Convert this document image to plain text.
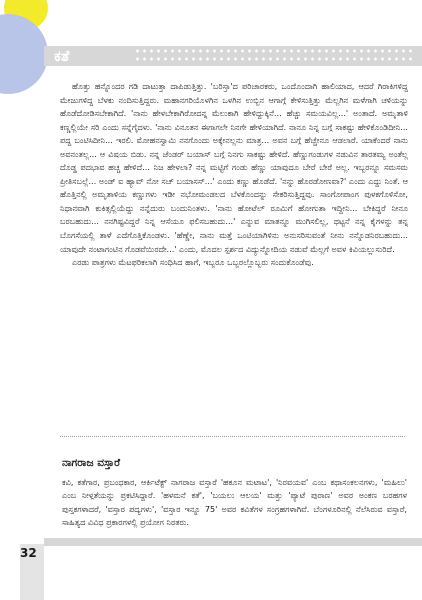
ಕತೆ

ಹೊತ್ತು ಹನ್ನೊಂದರ ಗಡಿ ದಾಟುತ್ತಾ ದಾಪಿಡುತ್ತಿತ್ತು. 'ಬರಿಸ್ತಾ'ದ ಪರಿಚಾರಕರು, ಒಂದೊಂದಾಗಿ ಹಾಲಿಯಾದ, ಆದರೆ ಗಿರಾಕಿಗಳಿದ್ದ ಮೇಜುಗಳಿದ್ದ ಬೆಳಕು ನಂದಿಸುತ್ತಿದ್ದರು. ಮಹಾನಗರಿಯೊಳಗಿನ ಒಳಗಿನ ಉಬ್ಬಿನ ಆಗಾಗ್ಗೆ ಕೇಳಿಸುತ್ತಿತ್ತು ಮೆಲ್ಲಗಿನ ಮಳೆಗಾಗಿ ಚಳಿಯನ್ನು ಹೊಡೆದೋಡಿಸಬೇಕಾಗಿದೆ. 'ನಾನು ಹೇಳಬೇಕಾಗಿರೋದನ್ನ ಮೆಲುಕಾಗಿ ಹೇಳಿದ್ದುಕ್ಕಿನೆ... ಹೆಚ್ಚು ಸಮಯವಿಲ್ಲ...' ಅಂತಾದೆ. ಅಮೃತಾಳಿ ಕಣ್ಣಲ್ಲಿಯೇ ಸರಿ ಎಂದು ಸನ್ನೆಗೈದಳು. 'ನಾನು ವಿನೂತನ ಈಗಾಗಲೇ ನಿನಗೇ ಹೇಳಿಯಾಗಿದೆ. ನಾನೂ ನಿನ್ನ ಬಗ್ಗೆ ಸಾಕಷ್ಟು ಹೇಳಿಕೊಂಡಿದೀನಿ... ಪದ್ದ ಬಂಟಿಸಿದೀನಿ... ಇರಲಿ. ಮೋಹನಸ್ವಾಮಿ ನನಗೊಂದು ಅಕ್ಕೇನಲ್ಲನು ಮಾತ್ರ... ಅವನ ಬಗ್ಗೆ ಹೆಚ್ಚೇನೂ ಆಡಲಾರೆ. ಯಾಕೆಂದರೆ ನಾನು ಅವನಂತಲ್ಲ... ಆ ವಿಷಯ ಬಿಡು. ನನ್ನ ಜೆಂಡರ್ ಬಯಾಸ್ ಬಗ್ಗೆ ನಿನಗು ಸಾಕಷ್ಟು ಹೇಳಿದೆ. ಹೆಣ್ಣುಗಂಡುಗಳ ನಡುವಿನ ತಾರತಮ್ಯ ಅಂತೆಲ್ಲ ದೊಡ್ಡ ಪದಭಾವ ಹಚ್ಚ ಹೇಳಿದೆ... ನಿಜ ಹೇಳಲಾ? ನನ್ನ ಮಟ್ಟಿಗೆ ಗಂಡು ಹೆಣ್ಣು ಯಾವುದೂ ಬೇರೆ ಬೇರೆ ಅಲ್ಲ. ಇಬ್ಬರನ್ನೂ ಸಮಸಮ ಪ್ರೀತಿಸಬಲ್ಲೆ... ಅಂಡ್ ಐ ಹ್ಯಾವ್ ನೋ ಸಚ್ ಬಯಾಸಸ್...' ಎಂದು ಕಣ್ಣು ಹೊಡೆದೆ. 'ನನ್ನು ಹೊರಡೋಣವಾ?' ಎಂದು ಎದ್ದು ನಿಂತೆ. ಆ ಹೊತ್ತಿನಲ್ಲಿ ಅಮೃತಾಳಿಯ ಕಣ್ಣುಗಳು ಇಡೀ ನಭೋಮಂಡಲದ ಬೆಳಕೊಂದನ್ನು ಸೇಕರಿಸುತ್ತಿದ್ದವು. ಸಾಂಗೋಪಾಂಗ ಪುಳಕಗೊಳಿಸೋ, ನಿಧಾನವಾಗಿ ಕುಕಿತ್ಸಲ್ಲಿಯೆದ್ದು ನನ್ನೆದುರು ಬಂದುನಿಂತಳು. 'ನಾನು ಹೋಟೆಲ್ ರೂಮಿಗೆ ಹೋಗುತಾ ಇದ್ದೀನಿ... ಬೇಕಿದ್ದರೆ ನೀನೂ ಬರಬಹುದು... ನನಗಿಷ್ಟವಿದ್ದರೆ ನಿನ್ನ ಆಸೆಯೂ ಫಲಿಸಬಹುದು...' ಎನ್ನುವ ಮಾತನ್ನೂ ಮುಗಿಸಲಿಲ್ಲ, ಥಟ್ಟನೆ ನನ್ನ ಕೈಗಳನ್ನು ತನ್ನ ಬೊಗಸೆಯಲ್ಲಿ ತಾಳೆ ಎದೆಗೊತ್ತಿಕೊಂಡಳು. 'ಹೆಣ್ಣೇ, ನಾನು ಮತ್ತೆ ಒಂಟಿಯಾಗಿಳಿನು ಅನುಸರಿಸುವಂತೆ ನೀನು ನನ್ನೊಡನಿರಬಹುದು... ಯಾವುದೇ ನಂಟಾಗಂಟಿನ ಗೊಡವೆಯಿರದೇ...' ಎಂದು, ಮೊದಲ ಸ್ಪರ್ಶದ ವಿದ್ಯುನ್ನೋದಿಯ ನಡುವೆ ಮೆಲ್ಲಗೆ ಅವಳ ಕಿವಿಯಲ್ಲುಸುರಿದೆ.

ಎರಡು ಪಾತ್ರಗಳು ಮೆಟಫರಿಕಲಾಗಿ ಸಂಧಿಸಿದ ಹಾಗೆ, ಇಬ್ಬರೂ ಒಬ್ಬರಲ್ಲೊಬ್ಬರು ಸಂದುಕೊಂಡೆವು.

ನಾಗರಾಜ ವಸ್ತಾರೆ
ಕವಿ, ಕತೆಗಾರ, ಪ್ರಬಂಧಕಾರ, ಆರ್ಕಿಟೆಕ್ಟ್ ನಾಗರಾಜ ವಸ್ತಾರೆ 'ಹಕೂನ ಮಟಾಟ', 'ನಿರವಯವ' ಎಂಬ ಕಥಾಸಂಕಲನಗಳು, 'ಮಹಿಲು' ಎಂಬ ನೀಳ್ಗತೆಯನ್ನು ಪ್ರಕಟಿಸಿದ್ದಾರೆ. 'ಹಳಮನೆ ಕತೆ', 'ಬಯಲು ಆಲಯ' ಮತ್ತು 'ಪ್ಯಾಟೆ ಪುರಾಣ' ಅವರ ಅಂಕಣ ಬರಹಗಳ ಪುಸ್ತಕಗಳಾದರೆ, 'ವಸ್ತಾರ ಪದ್ಯಗಳು', 'ವಸ್ತಾರ ಇನ್ನೂ 75' ಅವರ ಕವಿತೆಗಳ ಸಂಗ್ರಹಗಳಾಗಿವೆ. ಬೆಂಗಳೂರಿನಲ್ಲಿ ನೆಲೆಸಿರುವ ವಸ್ತಾರೆ, ಸಾಹಿತ್ಯದ ವಿವಿಧ ಪ್ರಕಾರಗಳಲ್ಲಿ ಪ್ರಯೋಗ ನಿರತರು.
32
